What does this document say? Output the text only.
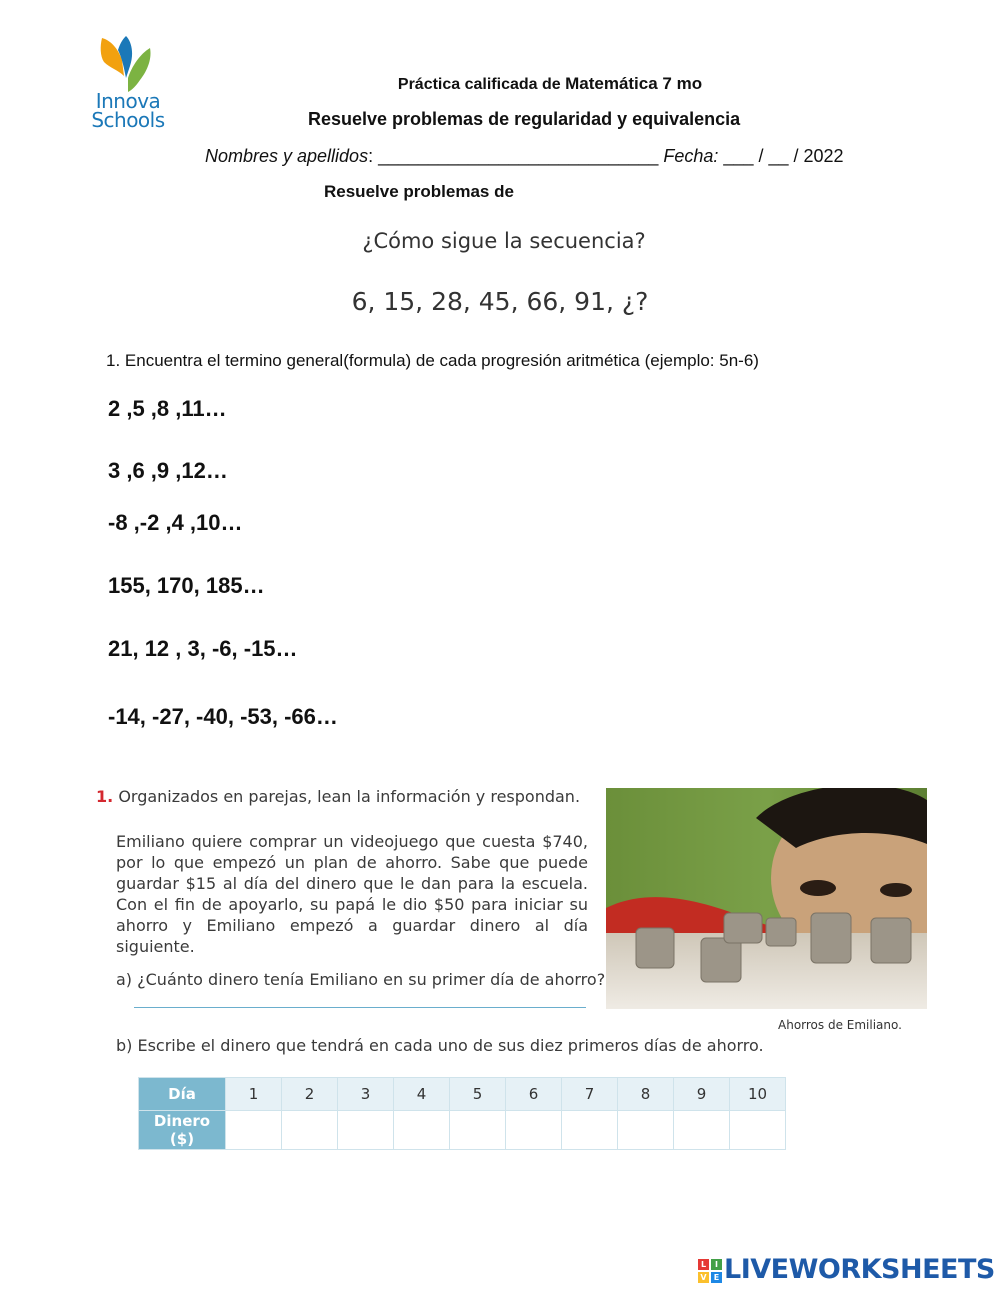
Innova
Schools
Práctica calificada de Matemática 7 mo
Resuelve problemas de regularidad y equivalencia
Nombres y apellidos: ____________________________ Fecha: ___ / __ / 2022
Resuelve problemas de
¿Cómo sigue la secuencia?
6, 15, 28, 45, 66, 91, ¿?
1. Encuentra el termino general(formula) de cada progresión aritmética (ejemplo: 5n-6)
2 ,5 ,8 ,11…
3 ,6 ,9 ,12…
-8 ,-2 ,4 ,10…
155, 170, 185…
21, 12 , 3, -6, -15…
-14, -27, -40, -53, -66…
1. Organizados en parejas, lean la información y respondan.
Emiliano quiere comprar un videojuego que cuesta $740, por lo que empezó un plan de ahorro. Sabe que puede guardar $15 al día del dinero que le dan para la escuela. Con el fin de apoyarlo, su papá le dio $50 para iniciar su ahorro y Emiliano empezó a guardar dinero al día siguiente.
a) ¿Cuánto dinero tenía Emiliano en su primer día de ahorro?
Ahorros de Emiliano.
b) Escribe el dinero que tendrá en cada uno de sus diez primeros días de ahorro.
Día	1	2	3	4	5	6	7	8	9	10
Dinero ($)										
L	I
V E LIVEWORKSHEETS
